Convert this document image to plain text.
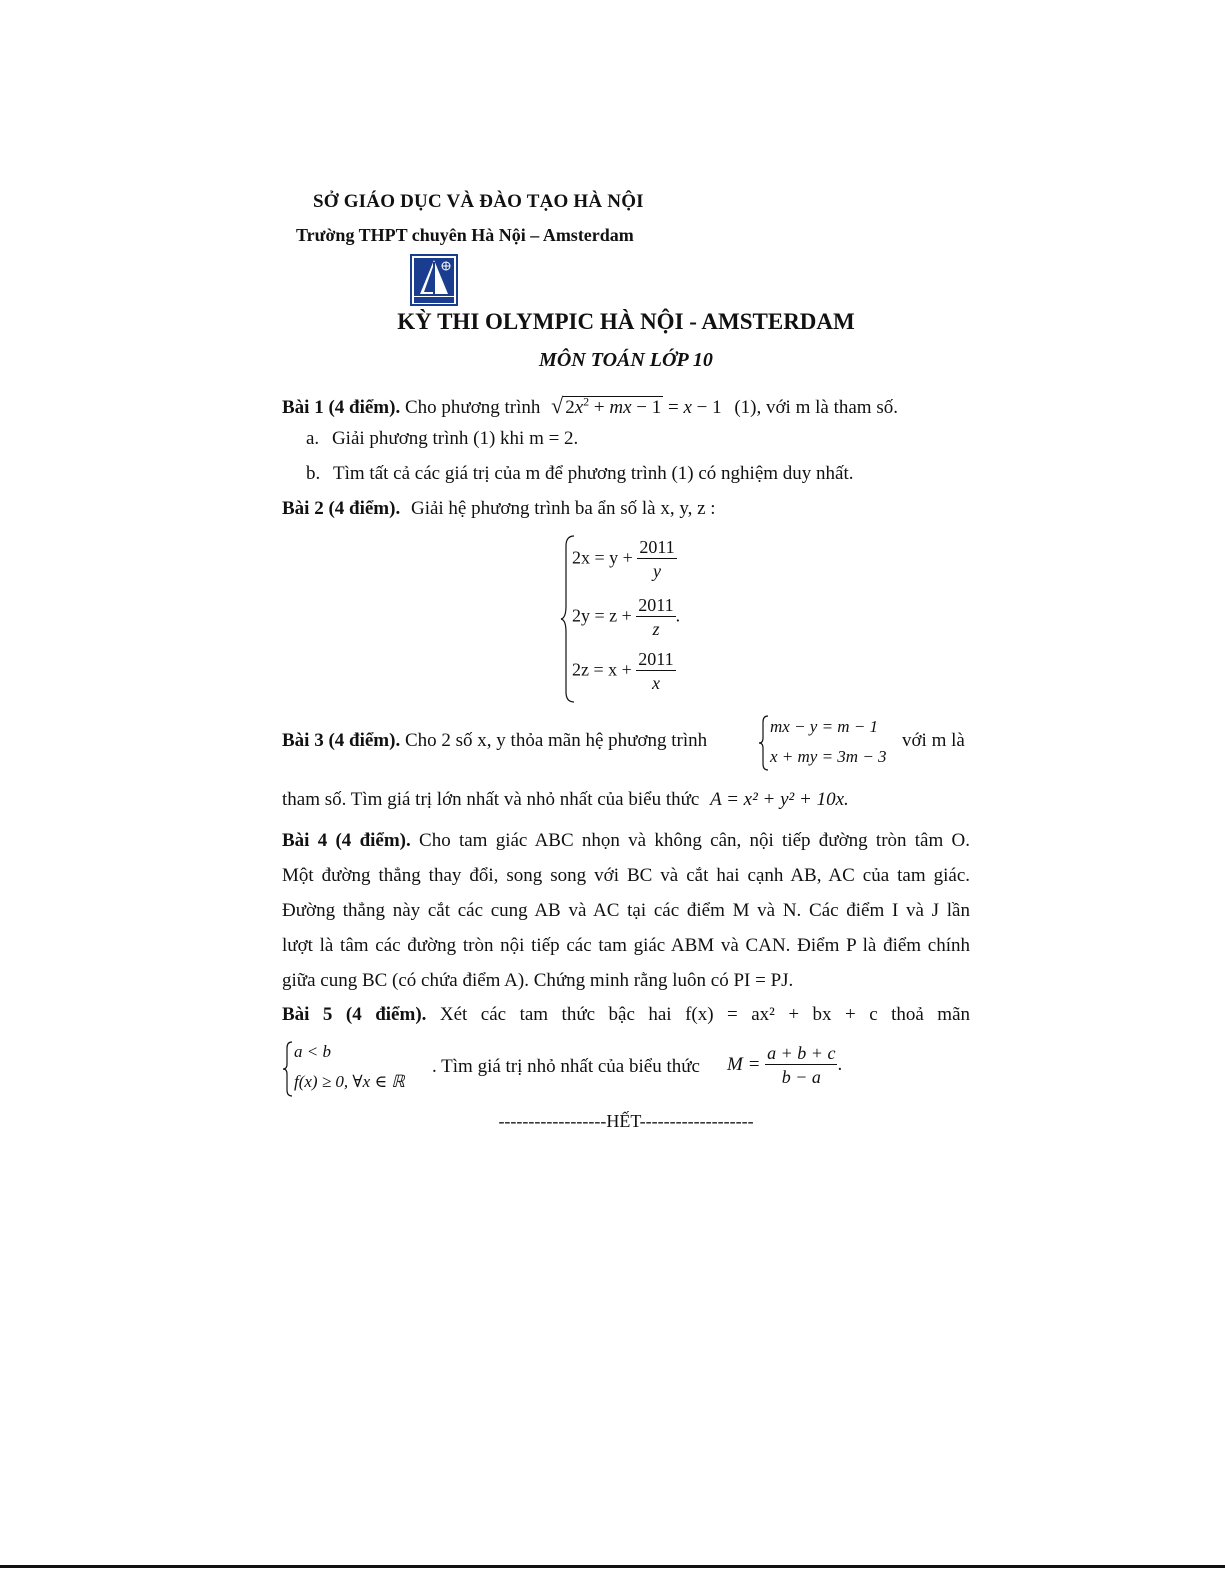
SỞ GIÁO DỤC VÀ ĐÀO TẠO HÀ NỘI
Trường THPT chuyên Hà Nội – Amsterdam
KỲ THI OLYMPIC HÀ NỘI - AMSTERDAM
MÔN TOÁN LỚP 10
Bài 1 (4 điểm). Cho phương trình √ $2x^2$ + mx − 1 = x − 1 (1), với m là tham số.
a. Giải phương trình (1) khi m = 2.
b. Tìm tất cả các giá trị của m để phương trình (1) có nghiệm duy nhất.
Bài 2 (4 điểm). Giải hệ phương trình ba ẩn số là x, y, z :
$2x = y + \frac{2011}{y}$
$2y = z + \frac{2011}{z}$ .
$2z = x + \frac{2011}{x}$
Bài 3 (4 điểm). Cho 2 số x, y thỏa mãn hệ phương trình
mx − y = m − 1
x + my = 3m − 3
với m là
tham số. Tìm giá trị lớn nhất và nhỏ nhất của biểu thức A = x² + y² + 10x.
Bài 4 (4 điểm). Cho tam giác ABC nhọn và không cân, nội tiếp đường tròn tâm O.
Một đường thẳng thay đổi, song song với BC và cắt hai cạnh AB, AC của tam giác.
Đường thẳng này cắt các cung AB và AC tại các điểm M và N. Các điểm I và J lần
lượt là tâm các đường tròn nội tiếp các tam giác ABM và CAN. Điểm P là điểm chính
giữa cung BC (có chứa điểm A). Chứng minh rằng luôn có PI = PJ.
Bài 5 (4 điểm). Xét các tam thức bậc hai f(x) = ax² + bx + c thoả mãn
a < b
f(x) ≥ 0, ∀x ∈ ℝ
. Tìm giá trị nhỏ nhất của biểu thức $M = \frac{a + b + c}{b - a}$ .
------------------HẾT-------------------
